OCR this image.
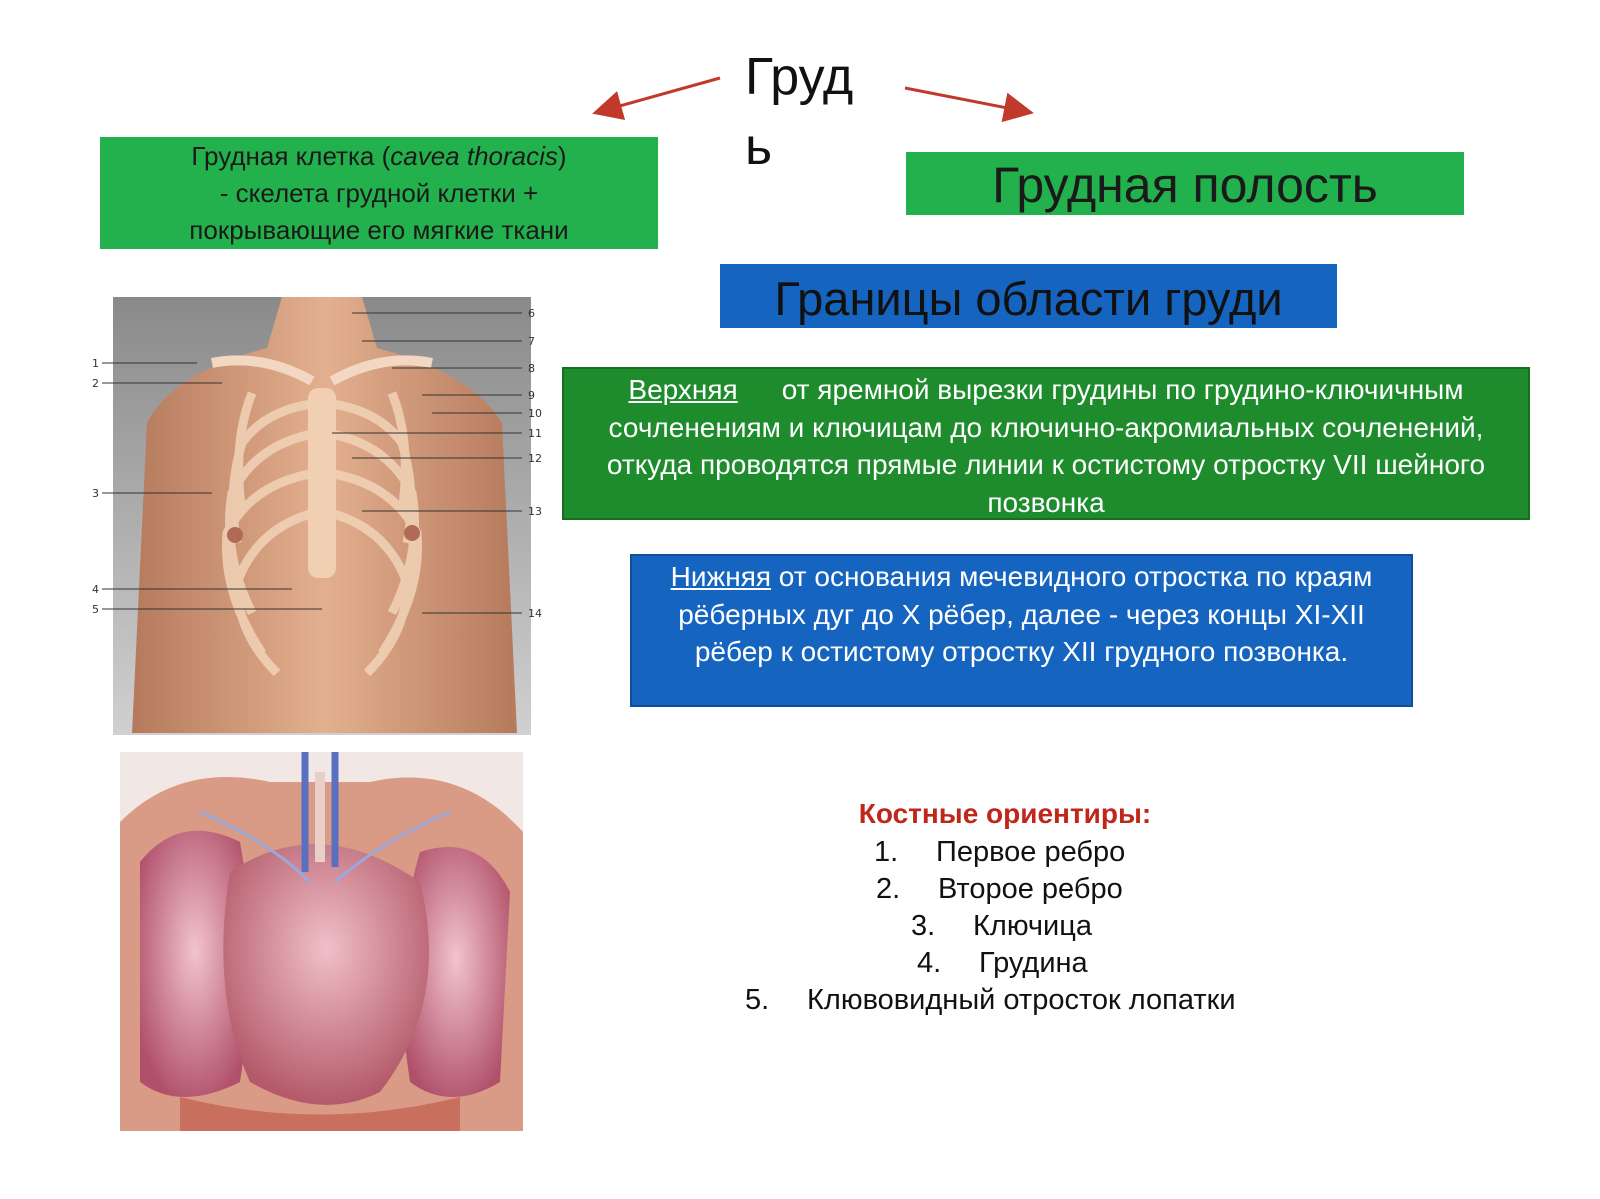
Грудь
Грудная клетка (cavea thoracis)
- скелета грудной клетки +
покрывающие его мягкие ткани
Грудная полость
Границы области груди
Верхняя от яремной вырезки грудины по грудино-ключичным сочленениям и ключицам до ключично-акромиальных сочленений, откуда проводятся прямые линии к остистому отростку VII шейного позвонка
Нижняя от основания мечевидного отростка по краям рёберных дуг до X рёбер, далее - через концы XI-XII рёбер к остистому отростку XII грудного позвонка.
Костные ориентиры:
1. Первое ребро
2. Второе ребро
3. Ключица
4. Грудина
5. Клювовидный отросток лопатки
1
2
3
4
5
6
7
8
9
10
11
12
13
14
